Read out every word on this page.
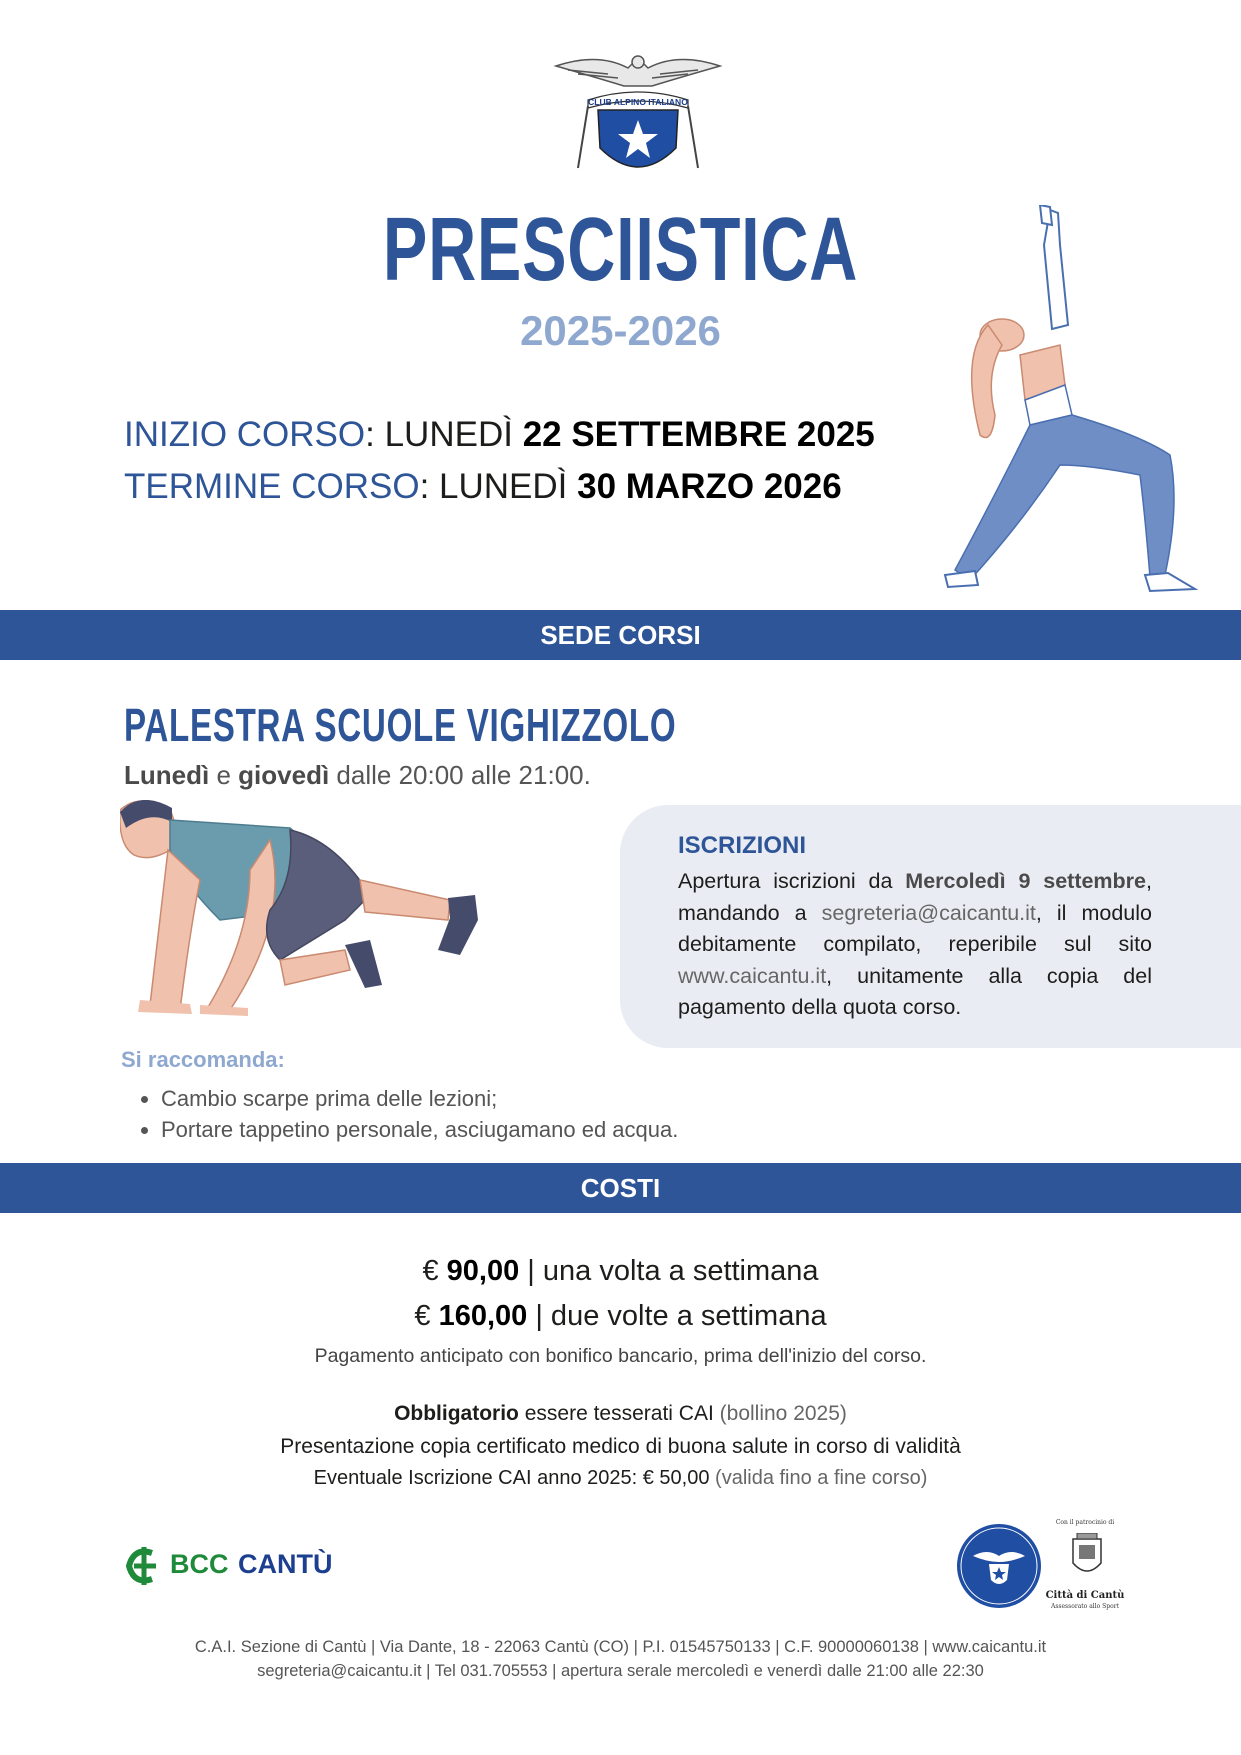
CLUB ALPINO ITALIANO
PRESCIISTICA
2025-2026
INIZIO CORSO: LUNEDÌ 22 SETTEMBRE 2025
TERMINE CORSO: LUNEDÌ 30 MARZO 2026
SEDE CORSI
PALESTRA SCUOLE VIGHIZZOLO
Lunedì e giovedì dalle 20:00 alle 21:00.
ISCRIZIONI
Apertura iscrizioni da Mercoledì 9 settembre, mandando a segreteria@caicantu.it, il modulo debitamente compilato, reperibile sul sito www.caicantu.it, unitamente alla copia del pagamento della quota corso.
Si raccomanda:
• Cambio scarpe prima delle lezioni;
• Portare tappetino personale, asciugamano ed acqua.
COSTI
€ 90,00 | una volta a settimana
€ 160,00 | due volte a settimana
Pagamento anticipato con bonifico bancario, prima dell'inizio del corso.
Obbligatorio essere tesserati CAI (bollino 2025)
Presentazione copia certificato medico di buona salute in corso di validità
Eventuale Iscrizione CAI anno 2025: € 50,00 (valida fino a fine corso)
BCC CANTÙ
Con il patrocinio di
Città di Cantù
Assessorato allo Sport
C.A.I. Sezione di Cantù | Via Dante, 18 - 22063 Cantù (CO) | P.I. 01545750133 | C.F. 90000060138 | www.caicantu.it
segreteria@caicantu.it | Tel 031.705553 | apertura serale mercoledì e venerdì dalle 21:00 alle 22:30
